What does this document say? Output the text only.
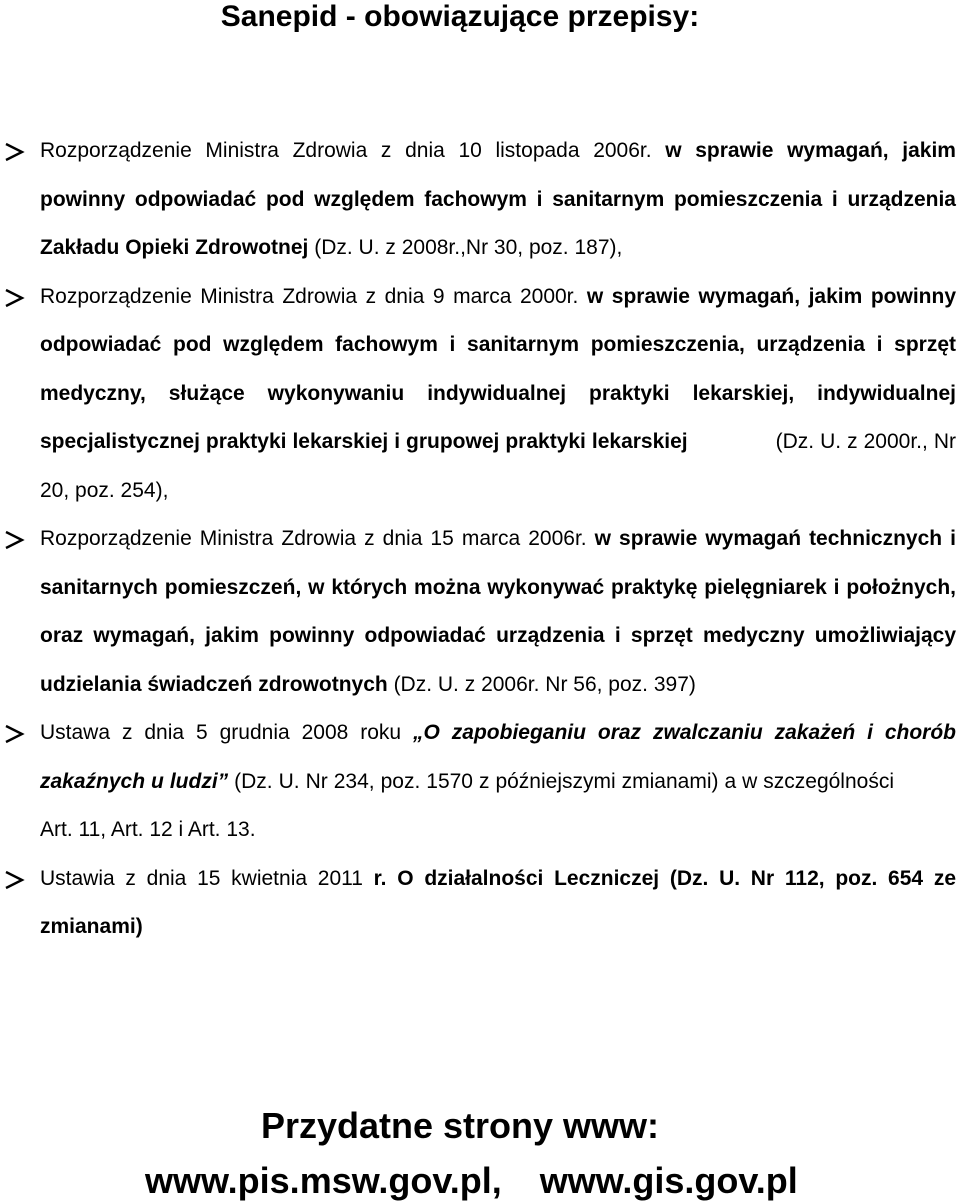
Sanepid - obowiązujące przepisy:
Rozporządzenie Ministra Zdrowia z dnia 10 listopada 2006r. w sprawie wymagań, jakim powinny odpowiadać pod względem fachowym i sanitarnym pomieszczenia i urządzenia Zakładu Opieki Zdrowotnej (Dz. U. z 2008r.,Nr 30, poz. 187),
Rozporządzenie Ministra Zdrowia z dnia 9 marca 2000r. w sprawie wymagań, jakim powinny odpowiadać pod względem fachowym i sanitarnym pomieszczenia, urządzenia i sprzęt medyczny, służące wykonywaniu indywidualnej praktyki lekarskiej, indywidualnej specjalistycznej praktyki lekarskiej i grupowej praktyki lekarskiej	(Dz. U. z 2000r., Nr 20, poz. 254),
Rozporządzenie Ministra Zdrowia z dnia 15 marca 2006r. w sprawie wymagań technicznych i sanitarnych pomieszczeń, w których można wykonywać praktykę pielęgniarek i położnych, oraz wymagań, jakim powinny odpowiadać urządzenia i sprzęt medyczny umożliwiający udzielania świadczeń zdrowotnych (Dz. U. z 2006r. Nr 56, poz. 397)
Ustawa z dnia 5 grudnia 2008 roku „O zapobieganiu oraz zwalczaniu zakażeń i chorób zakaźnych u ludzi” (Dz. U. Nr 234, poz. 1570 z późniejszymi zmianami) a w szczególnościArt. 11, Art. 12 i Art. 13.
Ustawia z dnia 15 kwietnia 2011 r. O działalności Leczniczej (Dz. U. Nr 112, poz. 654 ze zmianami)
Przydatne strony www:
www.pis.msw.gov.pl, www.gis.gov.pl
